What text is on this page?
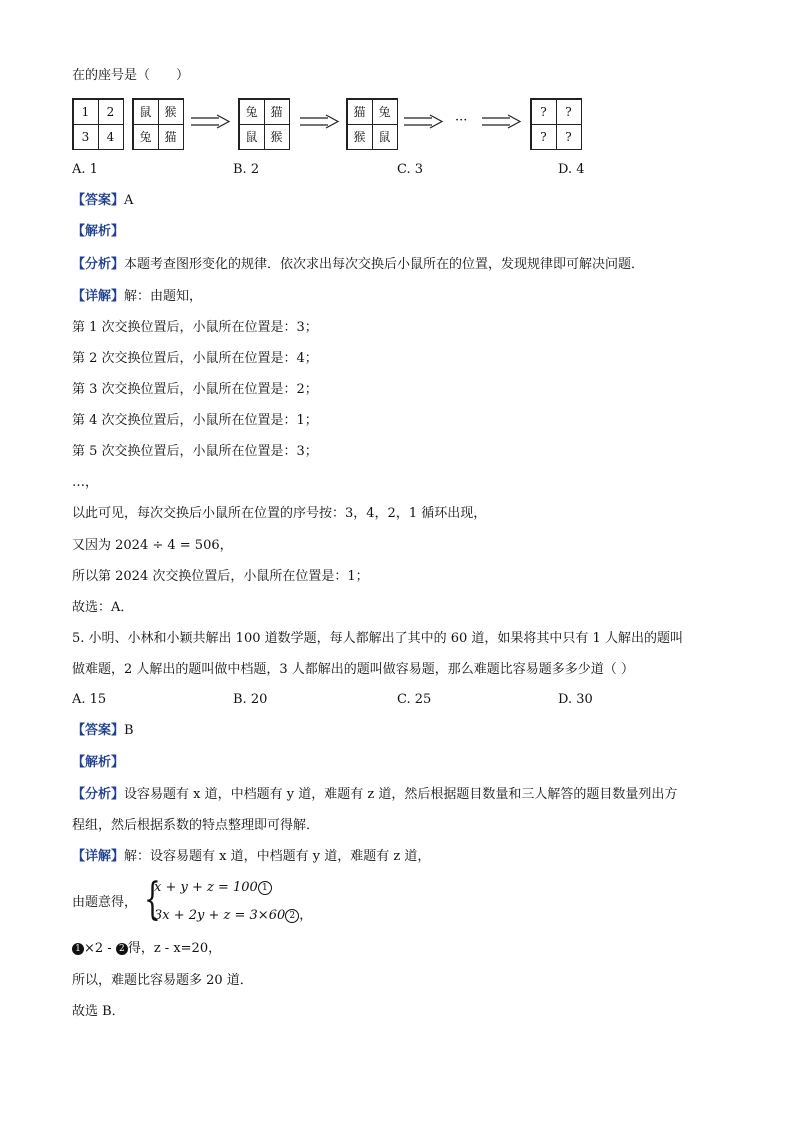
在的座号是（　　）
1	2
3	4
鼠	猴
兔	猫
兔	猫
鼠	猴
猫	兔
猴	鼠
···
?	?
?	?
A. 1	B. 2	C. 3	D. 4
【答案】A
【解析】
【分析】本题考查图形变化的规律．依次求出每次交换后小鼠所在的位置，发现规律即可解决问题．
【详解】解：由题知，
第 1 次交换位置后，小鼠所在位置是：3；
第 2 次交换位置后，小鼠所在位置是：4；
第 3 次交换位置后，小鼠所在位置是：2；
第 4 次交换位置后，小鼠所在位置是：1；
第 5 次交换位置后，小鼠所在位置是：3；
…，
以此可见，每次交换后小鼠所在位置的序号按：3，4，2，1 循环出现，
又因为 2024 ÷ 4 = 506，
所以第 2024 次交换位置后，小鼠所在位置是：1；
故选：A．
5. 小明、小林和小颖共解出 100 道数学题，每人都解出了其中的 60 道，如果将其中只有 1 人解出的题叫
做难题，2 人解出的题叫做中档题，3 人都解出的题叫做容易题，那么难题比容易题多多少道（ ）
A. 15	B. 20	C. 25	D. 30
【答案】B
【解析】
【分析】设容易题有 x 道，中档题有 y 道，难题有 z 道，然后根据题目数量和三人解答的题目数量列出方
程组，然后根据系数的特点整理即可得解．
【详解】解：设容易题有 x 道，中档题有 y 道，难题有 z 道，
由题意得， {
x + y + z = 100 1
3x + 2y + z = 3×60 2 ，
1 ×2 - 2 得，z - x=20，
所以，难题比容易题多 20 道．
故选 B．
